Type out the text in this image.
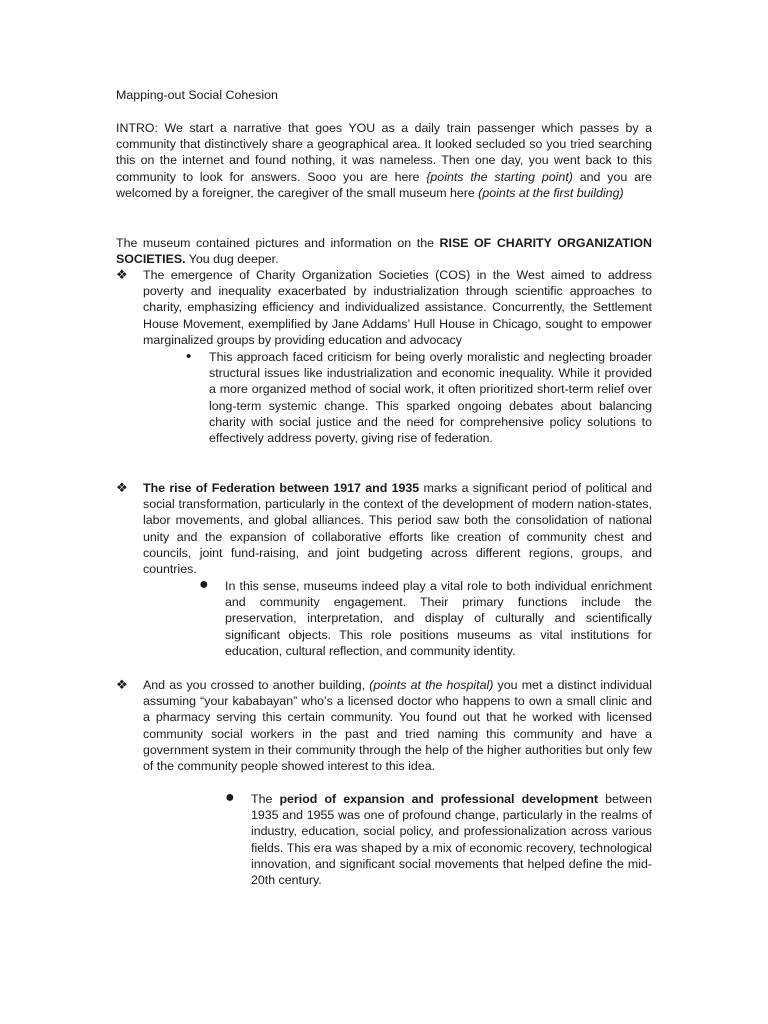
Mapping-out Social Cohesion
INTRO: We start a narrative that goes YOU as a daily train passenger which passes by a community that distinctively share a geographical area. It looked secluded so you tried searching this on the internet and found nothing, it was nameless. Then one day, you went back to this community to look for answers. Sooo you are here {points the starting point) and you are welcomed by a foreigner, the caregiver of the small museum here (points at the first building)
The museum contained pictures and information on the RISE OF CHARITY ORGANIZATION SOCIETIES. You dug deeper.
❖ The emergence of Charity Organization Societies (COS) in the West aimed to address poverty and inequality exacerbated by industrialization through scientific approaches to charity, emphasizing efficiency and individualized assistance. Concurrently, the Settlement House Movement, exemplified by Jane Addams’ Hull House in Chicago, sought to empower marginalized groups by providing education and advocacy
• This approach faced criticism for being overly moralistic and neglecting broader structural issues like industrialization and economic inequality. While it provided a more organized method of social work, it often prioritized short-term relief over long-term systemic change. This sparked ongoing debates about balancing charity with social justice and the need for comprehensive policy solutions to effectively address poverty, giving rise of federation.
❖ The rise of Federation between 1917 and 1935 marks a significant period of political and social transformation, particularly in the context of the development of modern nation-states, labor movements, and global alliances. This period saw both the consolidation of national unity and the expansion of collaborative efforts like creation of community chest and councils, joint fund-raising, and joint budgeting across different regions, groups, and countries.
● In this sense, museums indeed play a vital role to both individual enrichment and community engagement. Their primary functions include the preservation, interpretation, and display of culturally and scientifically significant objects. This role positions museums as vital institutions for education, cultural reflection, and community identity.
❖ And as you crossed to another building, (points at the hospital) you met a distinct individual assuming “your kababayan” who’s a licensed doctor who happens to own a small clinic and a pharmacy serving this certain community. You found out that he worked with licensed community social workers in the past and tried naming this community and have a government system in their community through the help of the higher authorities but only few of the community people showed interest to this idea.
● The period of expansion and professional development between 1935 and 1955 was one of profound change, particularly in the realms of industry, education, social policy, and professionalization across various fields. This era was shaped by a mix of economic recovery, technological innovation, and significant social movements that helped define the mid-20th century.
